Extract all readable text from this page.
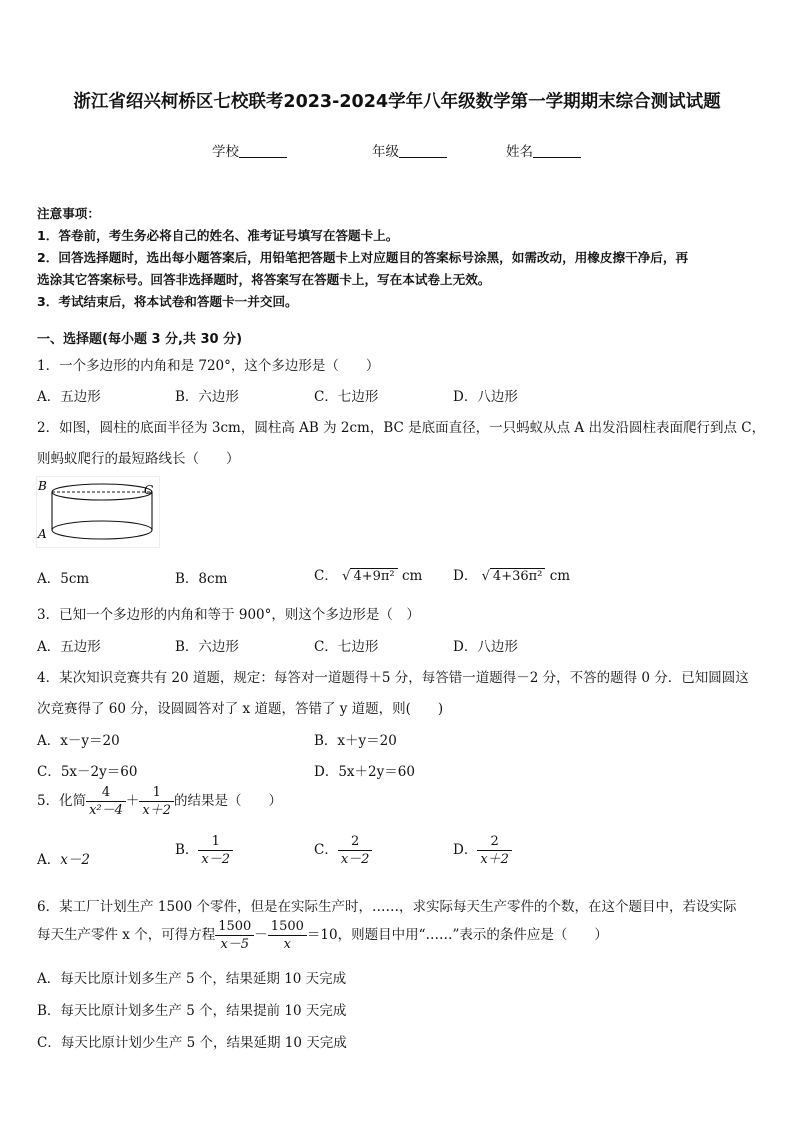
浙江省绍兴柯桥区七校联考2023-2024学年八年级数学第一学期期末综合测试试题
学校	年级	姓名

注意事项：

1．答卷前，考生务必将自己的姓名、准考证号填写在答题卡上。

2．回答选择题时，选出每小题答案后，用铅笔把答题卡上对应题目的答案标号涂黑，如需改动，用橡皮擦干净后，再

选涂其它答案标号。回答非选择题时，将答案写在答题卡上，写在本试卷上无效。

3．考试结束后，将本试卷和答题卡一并交回。

一、选择题(每小题 3 分,共 30 分)
1．一个多边形的内角和是 720°，这个多边形是（　　）
A．五边形	B．六边形	C．七边形	D．八边形
2．如图，圆柱的底面半径为 3cm，圆柱高 AB 为 2cm，BC 是底面直径，一只蚂蚁从点 A 出发沿圆柱表面爬行到点 C，
则蚂蚁爬行的最短路线长（　　）
B	C
A
A．5cm	B．8cm	C． √ 4+9π² cm D． √ 4+36π² cm
3．已知一个多边形的内角和等于 900°，则这个多边形是（　）
A．五边形	B．六边形	C．七边形	D．八边形
4．某次知识竞赛共有 20 道题，规定：每答对一道题得＋5 分，每答错一道题得－2 分，不答的题得 0 分．已知圆圆这
次竞赛得了 60 分，设圆圆答对了 x 道题，答错了 y 道题，则(　　)
A．x－y＝20	B．x＋y＝20
C．5x－2y＝60	D．5x＋2y＝60
5．化简 $\frac{4}{\text{x²－4}} + \frac{1}{x+2}$ 的结果是（　　）
A．x－2
B． $\frac{1}{x-2}$	C． $\frac{2}{x-2}$	D． $\frac{2}{x+2}$
6．某工厂计划生产 1500 个零件，但是在实际生产时，……，求实际每天生产零件的个数，在这个题目中，若设实际
每天生产零件 x 个，可得方程 $\frac{1500}{x-5} - \frac{1500}{x} =10$，则题目中用“……”表示的条件应是（　　）
A．每天比原计划多生产 5 个，结果延期 10 天完成
B．每天比原计划多生产 5 个，结果提前 10 天完成
C．每天比原计划少生产 5 个，结果延期 10 天完成
